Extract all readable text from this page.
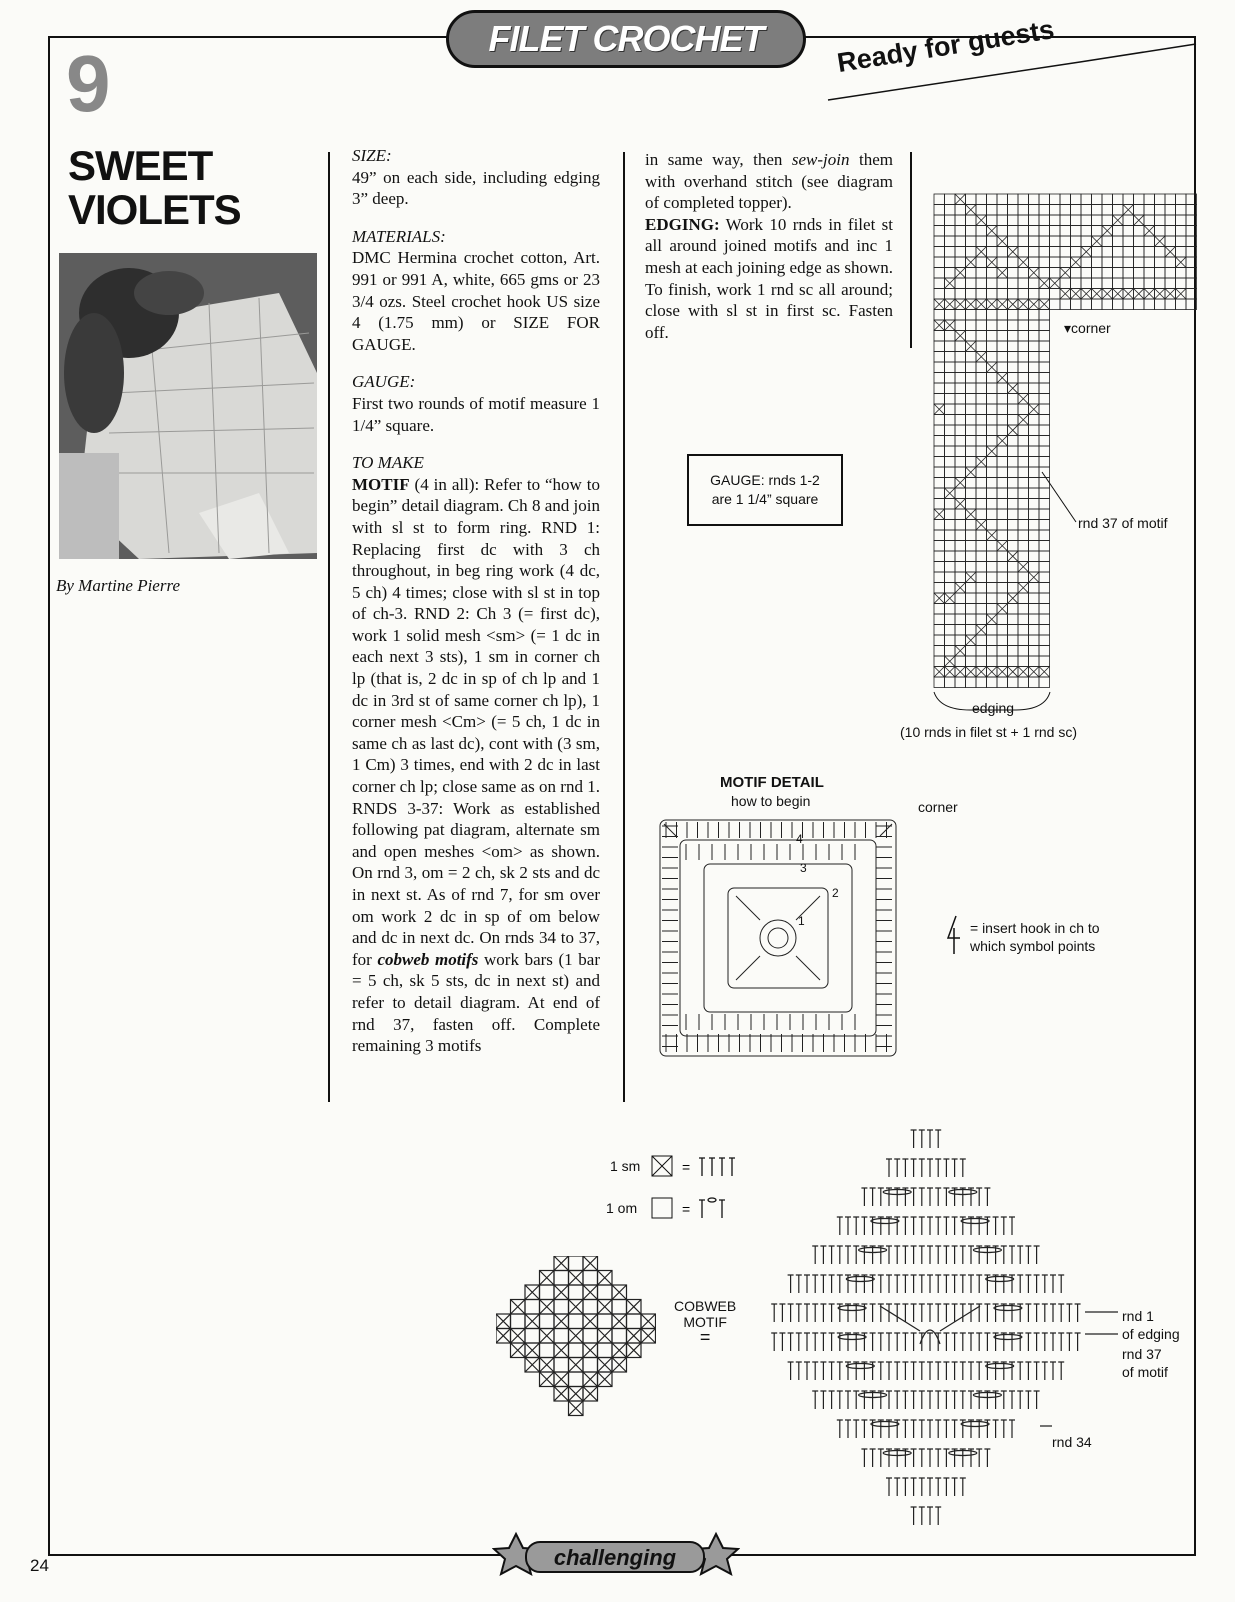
FILET CROCHET	Ready for guests
9
SWEET
VIOLETS
By Martine Pierre

SIZE:

49” on each side, including edging 3” deep.

MATERIALS:

DMC Hermina crochet cotton, Art. 991 or 991 A, white, 665 gms or 23 3/4 ozs. Steel crochet hook US size 4 (1.75 mm) or SIZE FOR GAUGE.

GAUGE:

First two rounds of motif measure 1 1/4” square.

TO MAKE

MOTIF (4 in all): Refer to “how to begin” detail diagram. Ch 8 and join with sl st to form ring. RND 1: Replacing first dc with 3 ch throughout, in beg ring work (4 dc, 5 ch) 4 times; close with sl st in top of ch-3. RND 2: Ch 3 (= first dc), work 1 solid mesh <sm> (= 1 dc in each next 3 sts), 1 sm in corner ch lp (that is, 2 dc in sp of ch lp and 1 dc in 3rd st of same corner ch lp), 1 corner mesh <Cm> (= 5 ch, 1 dc in same ch as last dc), cont with (3 sm, 1 Cm) 3 times, end with 2 dc in last corner ch lp; close same as on rnd 1. RNDS 3-37: Work as established following pat diagram, alternate sm and open meshes <om> as shown. On rnd 3, om = 2 ch, sk 2 sts and dc in next st. As of rnd 7, for sm over om work 2 dc in sp of om below and dc in next dc. On rnds 34 to 37, for cobweb motifs work bars (1 bar = 5 ch, sk 5 sts, dc in next st) and refer to detail diagram. At end of rnd 37, fasten off. Complete remaining 3 motifs

in same way, then sew-join them with overhand stitch (see diagram of completed topper).

EDGING: Work 10 rnds in filet st all around joined motifs and inc 1 mesh at each joining edge as shown. To finish, work 1 rnd sc all around; close with sl st in first sc. Fasten off.

GAUGE: rnds 1-2
are 1 1/4” square
▾corner
rnd 37 of motif
edging
(10 rnds in filet st + 1 rnd sc)
MOTIF DETAIL
how to begin	corner
4
3
2
1	= insert hook in ch to
which symbol points
1 sm	=
1 om	=
COBWEB
MOTIF
=
rnd 1
of edging
rnd 37
of motif
rnd 34
24	challenging
